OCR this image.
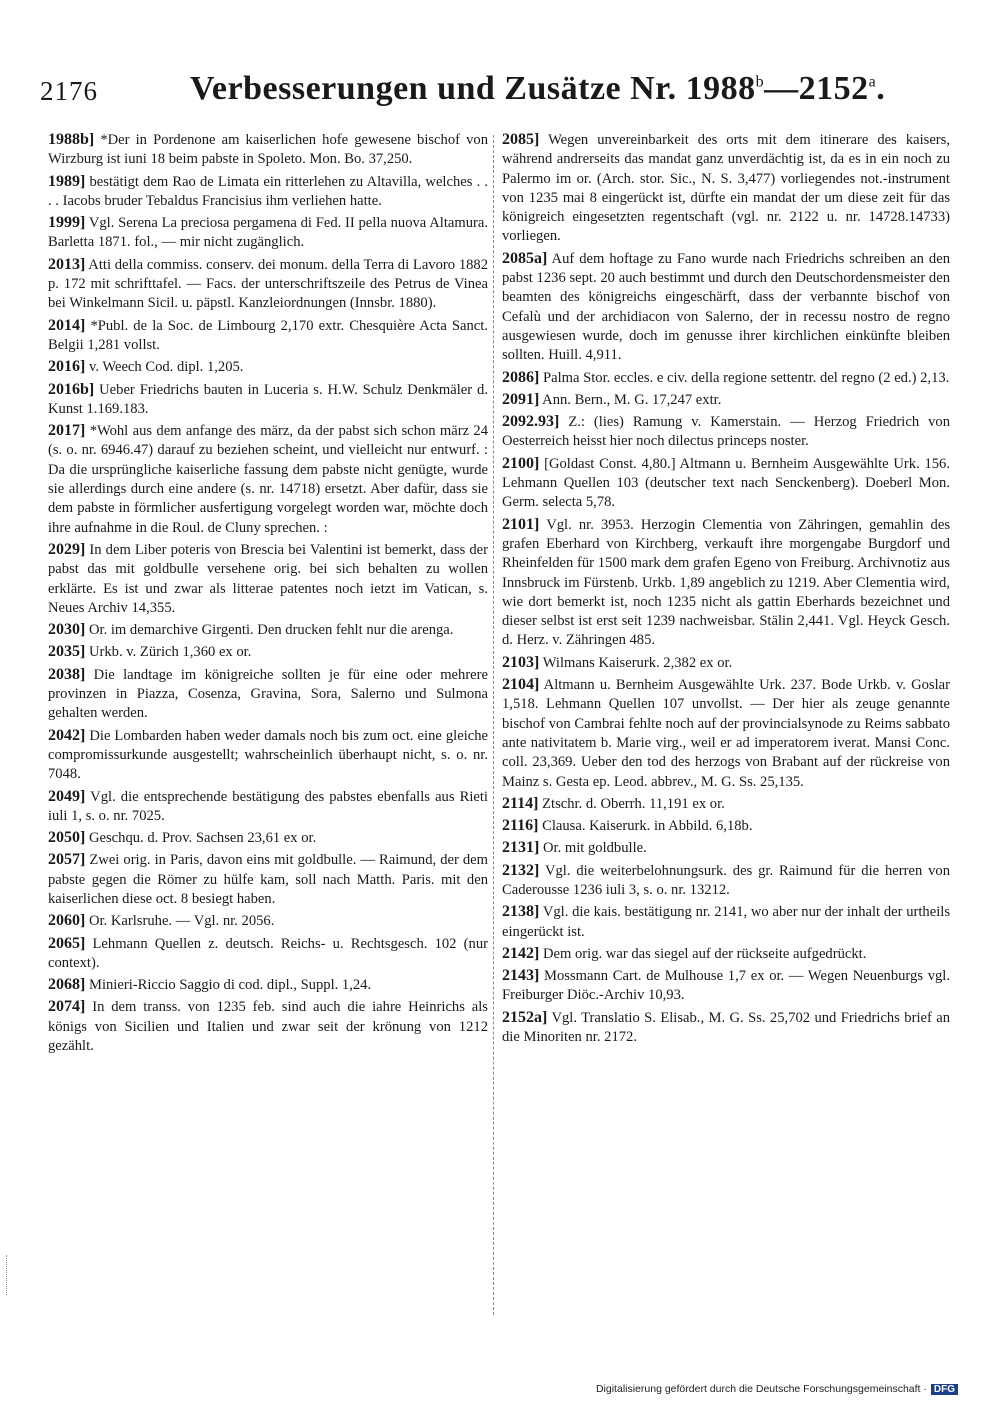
2176	Verbesserungen und Zusätze Nr. 1988$^b$—2152$^a$.

1988b] *Der in Pordenone am kaiserlichen hofe gewesene bischof von Wirzburg ist iuni 18 beim pabste in Spoleto. Mon. Bo. 37,250.

1989] bestätigt dem Rao de Limata ein ritterlehen zu Altavilla, welches . . . . Iacobs bruder Tebaldus Francisius ihm verliehen hatte.

1999] Vgl. Serena La preciosa pergamena di Fed. II pella nuova Altamura. Barletta 1871. fol., — mir nicht zugänglich.

2013] Atti della commiss. conserv. dei monum. della Terra di Lavoro 1882 p. 172 mit schrifttafel. — Facs. der unterschriftszeile des Petrus de Vinea bei Winkelmann Sicil. u. päpstl. Kanzleiordnungen (Innsbr. 1880).

2014] *Publ. de la Soc. de Limbourg 2,170 extr. Chesquière Acta Sanct. Belgii 1,281 vollst.

2016] v. Weech Cod. dipl. 1,205.

2016b] Ueber Friedrichs bauten in Luceria s. H.W. Schulz Denkmäler d. Kunst 1.169.183.

2017] *Wohl aus dem anfange des märz, da der pabst sich schon märz 24 (s. o. nr. 6946.47) darauf zu beziehen scheint, und vielleicht nur entwurf. : Da die ursprüngliche kaiserliche fassung dem pabste nicht genügte, wurde sie allerdings durch eine andere (s. nr. 14718) ersetzt. Aber dafür, dass sie dem pabste in förmlicher ausfertigung vorgelegt worden war, möchte doch ihre aufnahme in die Roul. de Cluny sprechen. :

2029] In dem Liber poteris von Brescia bei Valentini ist bemerkt, dass der pabst das mit goldbulle versehene orig. bei sich behalten zu wollen erklärte. Es ist und zwar als litterae patentes noch ietzt im Vatican, s. Neues Archiv 14,355.

2030] Or. im demarchive Girgenti. Den drucken fehlt nur die arenga.

2035] Urkb. v. Zürich 1,360 ex or.

2038] Die landtage im königreiche sollten je für eine oder mehrere provinzen in Piazza, Cosenza, Gravina, Sora, Salerno und Sulmona gehalten werden.

2042] Die Lombarden haben weder damals noch bis zum oct. eine gleiche compromissurkunde ausgestellt; wahrscheinlich überhaupt nicht, s. o. nr. 7048.

2049] Vgl. die entsprechende bestätigung des pabstes ebenfalls aus Rieti iuli 1, s. o. nr. 7025.

2050] Geschqu. d. Prov. Sachsen 23,61 ex or.

2057] Zwei orig. in Paris, davon eins mit goldbulle. — Raimund, der dem pabste gegen die Römer zu hülfe kam, soll nach Matth. Paris. mit den kaiserlichen diese oct. 8 besiegt haben.

2060] Or. Karlsruhe. — Vgl. nr. 2056.

2065] Lehmann Quellen z. deutsch. Reichs- u. Rechtsgesch. 102 (nur context).

2068] Minieri-Riccio Saggio di cod. dipl., Suppl. 1,24.

2074] In dem transs. von 1235 feb. sind auch die iahre Heinrichs als königs von Sicilien und Italien und zwar seit der krönung von 1212 gezählt.

2085] Wegen unvereinbarkeit des orts mit dem itinerare des kaisers, während andrerseits das mandat ganz unverdächtig ist, da es in ein noch zu Palermo im or. (Arch. stor. Sic., N. S. 3,477) vorliegendes not.-instrument von 1235 mai 8 eingerückt ist, dürfte ein mandat der um diese zeit für das königreich eingesetzten regentschaft (vgl. nr. 2122 u. nr. 14728.14733) vorliegen.

2085a] Auf dem hoftage zu Fano wurde nach Friedrichs schreiben an den pabst 1236 sept. 20 auch bestimmt und durch den Deutschordensmeister den beamten des königreichs eingeschärft, dass der verbannte bischof von Cefalù und der archidiacon von Salerno, der in recessu nostro de regno ausgewiesen wurde, doch im genusse ihrer kirchlichen einkünfte bleiben sollten. Huill. 4,911.

2086] Palma Stor. eccles. e civ. della regione settentr. del regno (2 ed.) 2,13.

2091] Ann. Bern., M. G. 17,247 extr.

2092.93] Z.: (lies) Ramung v. Kamerstain. — Herzog Friedrich von Oesterreich heisst hier noch dilectus princeps noster.

2100] [Goldast Const. 4,80.] Altmann u. Bernheim Ausgewählte Urk. 156. Lehmann Quellen 103 (deutscher text nach Senckenberg). Doeberl Mon. Germ. selecta 5,78.

2101] Vgl. nr. 3953. Herzogin Clementia von Zähringen, gemahlin des grafen Eberhard von Kirchberg, verkauft ihre morgengabe Burgdorf und Rheinfelden für 1500 mark dem grafen Egeno von Freiburg. Archivnotiz aus Innsbruck im Fürstenb. Urkb. 1,89 angeblich zu 1219. Aber Clementia wird, wie dort bemerkt ist, noch 1235 nicht als gattin Eberhards bezeichnet und dieser selbst ist erst seit 1239 nachweisbar. Stälin 2,441. Vgl. Heyck Gesch. d. Herz. v. Zähringen 485.

2103] Wilmans Kaiserurk. 2,382 ex or.

2104] Altmann u. Bernheim Ausgewählte Urk. 237. Bode Urkb. v. Goslar 1,518. Lehmann Quellen 107 unvollst. — Der hier als zeuge genannte bischof von Cambrai fehlte noch auf der provincialsynode zu Reims sabbato ante nativitatem b. Marie virg., weil er ad imperatorem iverat. Mansi Conc. coll. 23,369. Ueber den tod des herzogs von Brabant auf der rückreise von Mainz s. Gesta ep. Leod. abbrev., M. G. Ss. 25,135.

2114] Ztschr. d. Oberrh. 11,191 ex or.

2116] Clausa. Kaiserurk. in Abbild. 6,18b.

2131] Or. mit goldbulle.

2132] Vgl. die weiterbelohnungsurk. des gr. Raimund für die herren von Caderousse 1236 iuli 3, s. o. nr. 13212.

2138] Vgl. die kais. bestätigung nr. 2141, wo aber nur der inhalt der urtheils eingerückt ist.

2142] Dem orig. war das siegel auf der rückseite aufgedrückt.

2143] Mossmann Cart. de Mulhouse 1,7 ex or. — Wegen Neuenburgs vgl. Freiburger Diöc.-Archiv 10,93.

2152a] Vgl. Translatio S. Elisab., M. G. Ss. 25,702 und Friedrichs brief an die Minoriten nr. 2172.

Digitalisierung gefördert durch die Deutsche Forschungsgemeinschaft · DFG
